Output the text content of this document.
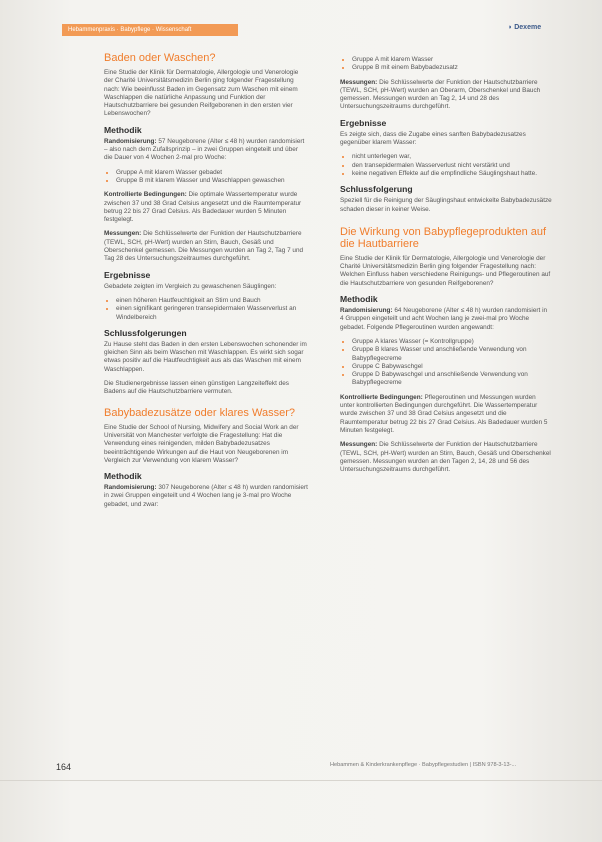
Hebammenpraxis · Babypflege · Wissenschaft	◗ Dexeme
Baden oder Waschen?

Eine Studie der Klinik für Dermatologie, Allergologie und Venerologie der Charité Universitätsmedizin Berlin ging folgender Fragestellung nach: Wie beeinflusst Baden im Gegensatz zum Waschen mit einem Waschlappen die natürliche Anpassung und Funktion der Hautschutzbarriere bei gesunden Reifgeborenen in den ersten vier Lebenswochen?

Methodik

Randomisierung: 57 Neugeborene (Alter ≤ 48 h) wurden randomisiert – also nach dem Zufallsprinzip – in zwei Gruppen eingeteilt und über die Dauer von 4 Wochen 2-mal pro Woche:

• Gruppe A mit klarem Wasser gebadet
• Gruppe B mit klarem Wasser und Waschlappen gewaschen

Kontrollierte Bedingungen: Die optimale Wassertemperatur wurde zwischen 37 und 38 Grad Celsius angesetzt und die Raumtemperatur betrug 22 bis 27 Grad Celsius. Als Badedauer wurden 5 Minuten festgelegt.

Messungen: Die Schlüsselwerte der Funktion der Hautschutzbarriere (TEWL, SCH, pH-Wert) wurden an Stirn, Bauch, Gesäß und Oberschenkel gemessen. Die Messungen wurden an Tag 2, Tag 7 und Tag 28 des Untersuchungszeitraumes durchgeführt.

Ergebnisse

Gebadete zeigten im Vergleich zu gewaschenen Säuglingen:

• einen höheren Hautfeuchtigkeit an Stirn und Bauch
• einen signifikant geringeren transepidermalen Wasserverlust an Windelbereich
Schlussfolgerungen

Zu Hause steht das Baden in den ersten Lebenswochen schonender im gleichen Sinn als beim Waschen mit Waschlappen. Es wirkt sich sogar etwas positiv auf die Hautfeuchtigkeit aus als das Waschen mit einem Waschlappen.

Die Studienergebnisse lassen einen günstigen Langzeiteffekt des Badens auf die Hautschutzbarriere vermuten.

Babybadezusätze oder klares Wasser?

Eine Studie der School of Nursing, Midwifery and Social Work an der Universität von Manchester verfolgte die Fragestellung: Hat die Verwendung eines reinigenden, milden Babybadezusatzes beeinträchtigende Wirkungen auf die Haut von Neugeborenen im Vergleich zur Verwendung von klarem Wasser?

Methodik

Randomisierung: 307 Neugeborene (Alter ≤ 48 h) wurden randomisiert in zwei Gruppen eingeteilt und 4 Wochen lang je 3-mal pro Woche gebadet, und zwar:

• Gruppe A mit klarem Wasser
• Gruppe B mit einem Babybadezusatz

Messungen: Die Schlüsselwerte der Funktion der Hautschutzbarriere (TEWL, SCH, pH-Wert) wurden an Oberarm, Oberschenkel und Bauch gemessen. Messungen wurden an Tag 2, 14 und 28 des Untersuchungszeitraums durchgeführt.

Ergebnisse

Es zeigte sich, dass die Zugabe eines sanften Babybadezusatzes gegenüber klarem Wasser:

• nicht unterlegen war,
• den transepidermalen Wasserverlust nicht verstärkt und
• keine negativen Effekte auf die empfindliche Säuglingshaut hatte.
Schlussfolgerung

Speziell für die Reinigung der Säuglingshaut entwickelte Babybadezusätze schaden dieser in keiner Weise.

Die Wirkung von Babypflegeprodukten auf die Hautbarriere

Eine Studie der Klinik für Dermatologie, Allergologie und Venerologie der Charité Universitätsmedizin Berlin ging folgender Fragestellung nach: Welchen Einfluss haben verschiedene Reinigungs- und Pflegeroutinen auf die Hautschutzbarriere von gesunden Reifgeborenen?

Methodik

Randomisierung: 64 Neugeborene (Alter ≤ 48 h) wurden randomisiert in 4 Gruppen eingeteilt und acht Wochen lang je zwei-mal pro Woche gebadet. Folgende Pflegeroutinen wurden angewandt:

• Gruppe A klares Wasser (= Kontrollgruppe)
• Gruppe B klares Wasser und anschließende Verwendung von Babypflegecreme
• Gruppe C Babywaschgel
• Gruppe D Babywaschgel und anschließende Verwendung von Babypflegecreme

Kontrollierte Bedingungen: Pflegeroutinen und Messungen wurden unter kontrollierten Bedingungen durchgeführt. Die Wassertemperatur wurde zwischen 37 und 38 Grad Celsius angesetzt und die Raumtemperatur betrug 22 bis 27 Grad Celsius. Als Badedauer wurden 5 Minuten festgelegt.

Messungen: Die Schlüsselwerte der Funktion der Hautschutzbarriere (TEWL, SCH, pH-Wert) wurden an Stirn, Bauch, Gesäß und Oberschenkel gemessen. Messungen wurden an den Tagen 2, 14, 28 und 56 des Untersuchungszeitraums durchgeführt.

164	Hebammen & Kinderkrankenpflege · Babypflegestudien | ISBN 978-3-13-...
